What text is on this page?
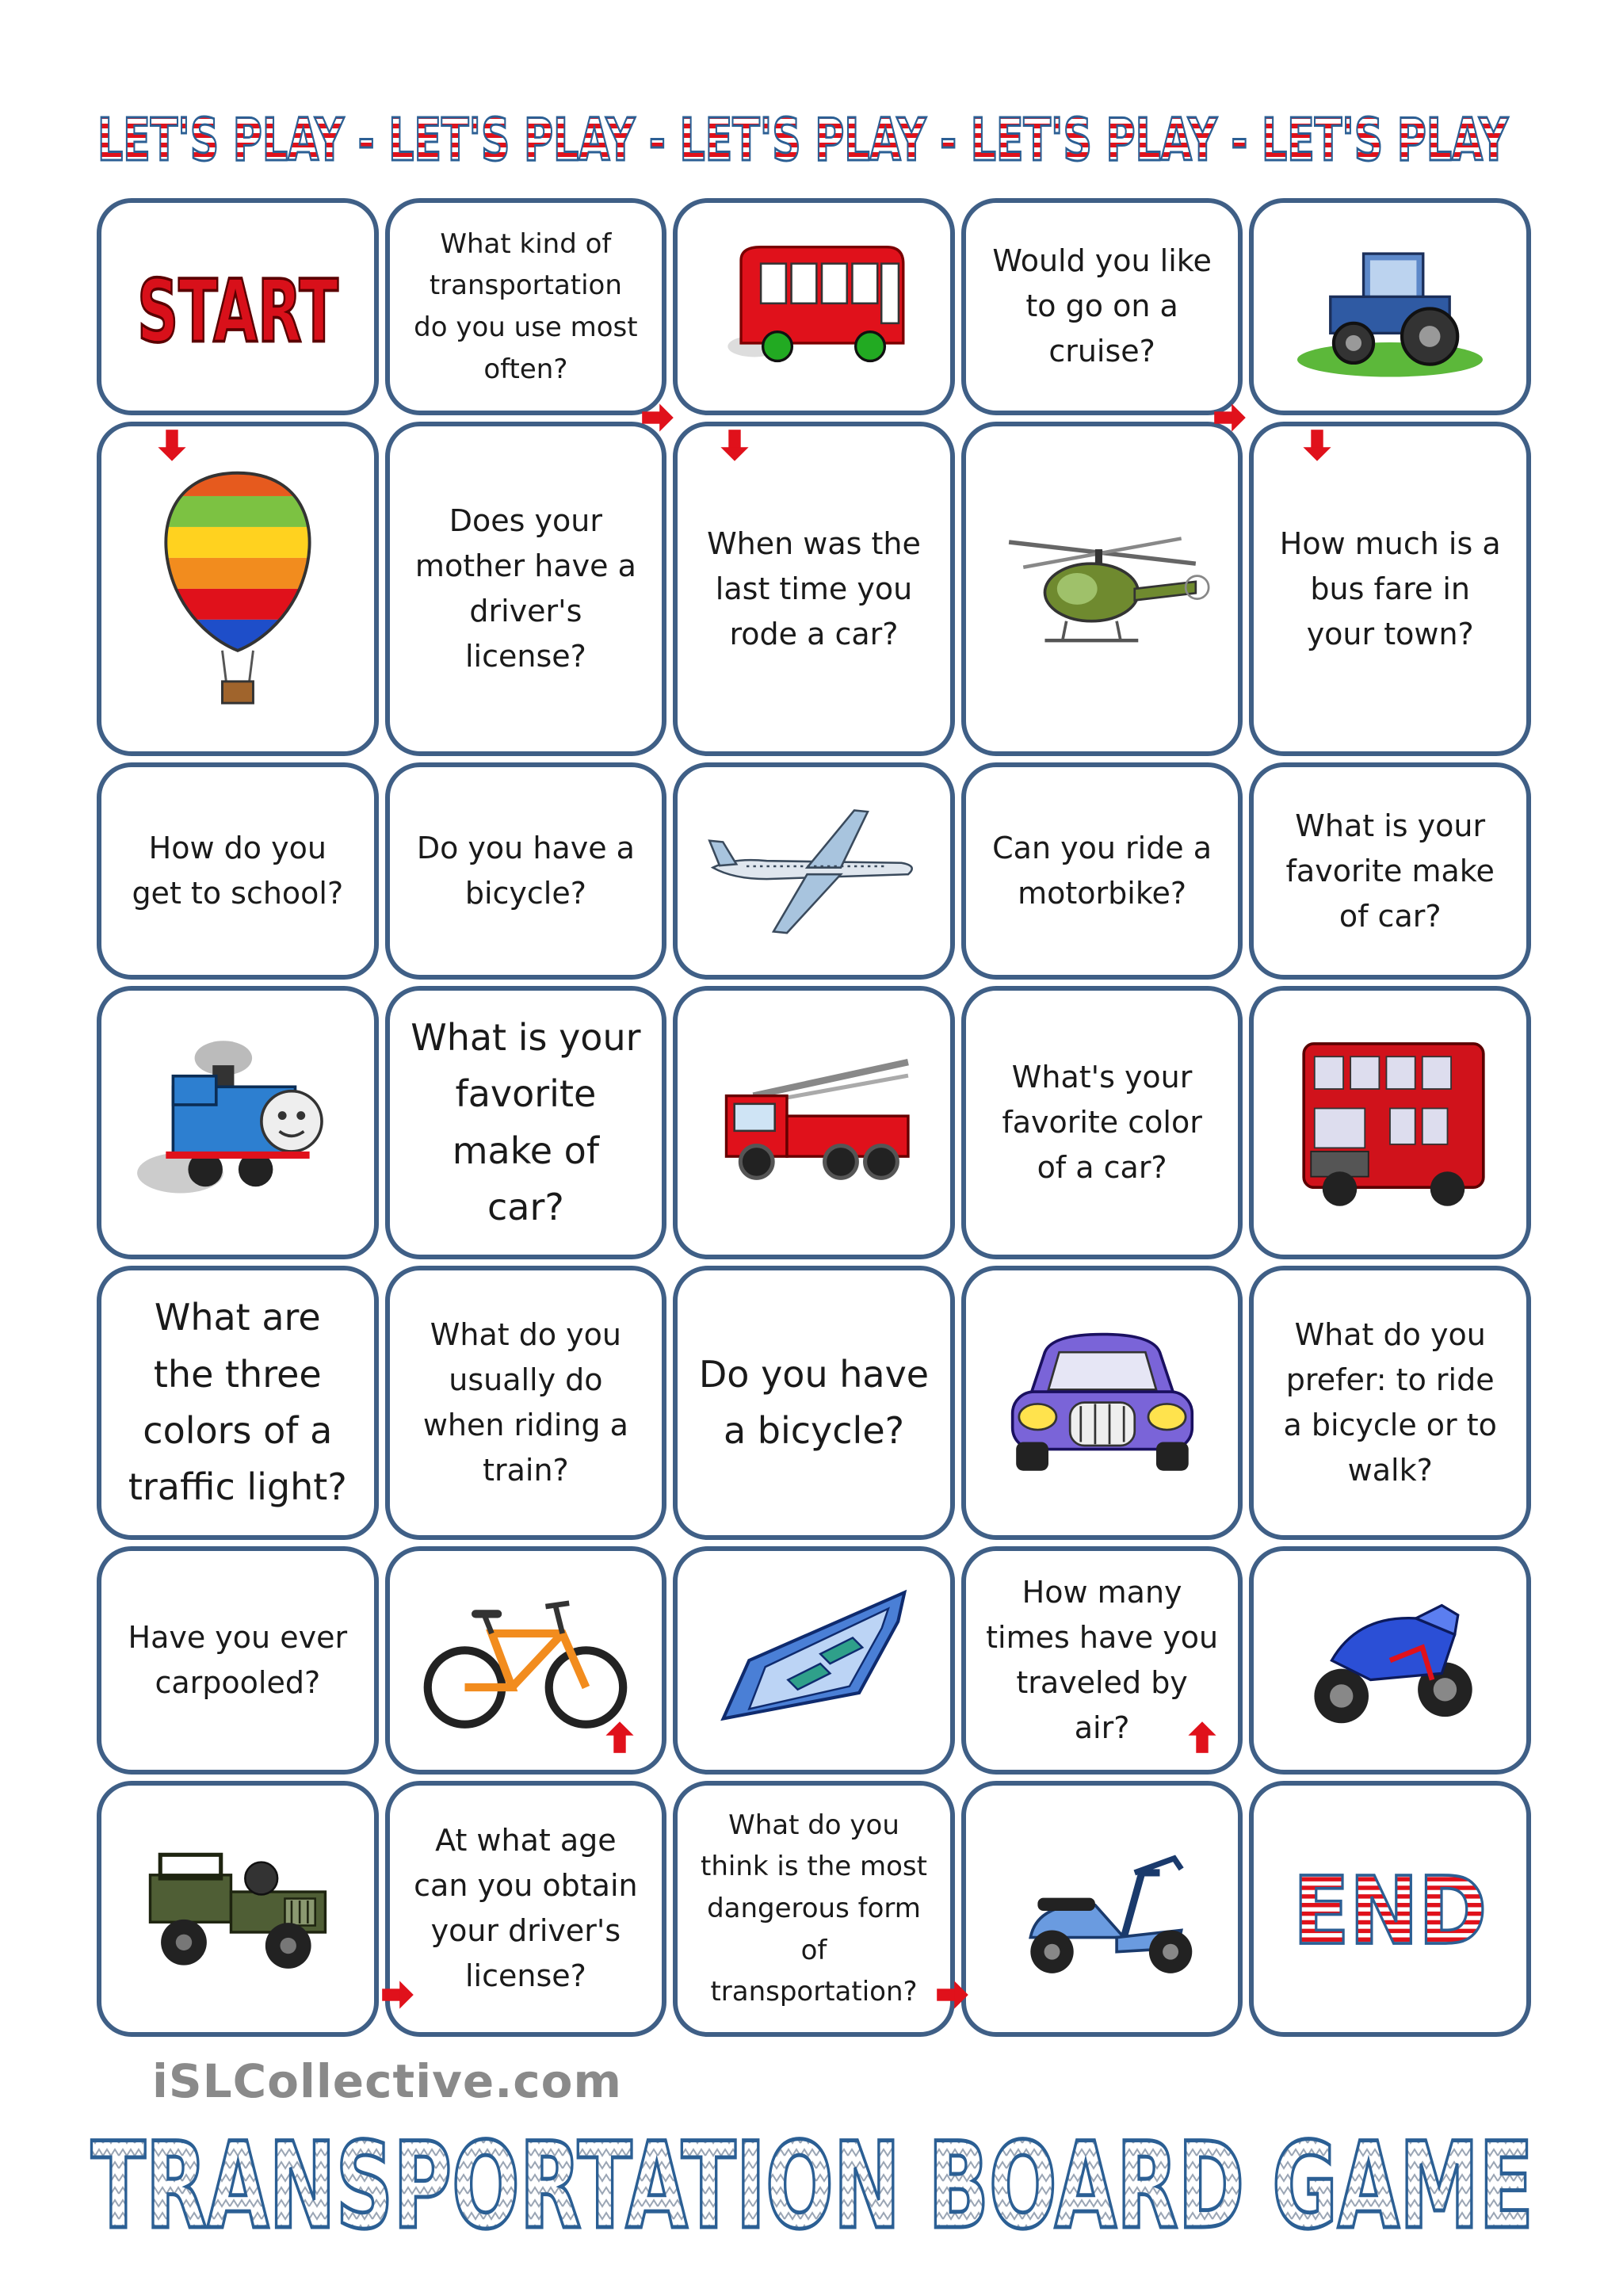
LET'S PLAY - LET'S PLAY - LET'S PLAY - LET'S PLAY - LET'S PLAY
START
What kind of transportation do you use most often?
Would you like to go on a cruise?
Does your mother have a driver's license?
When was the last time you rode a car?
How much is a bus fare in your town?
How do you get to school?
Do you have a bicycle?
Can you ride a motorbike?
What is your favorite make of car?
What is your favorite make of car?
What's your favorite color of a car?
What are the three colors of a traffic light?
What do you usually do when riding a train?
Do you have a bicycle?
What do you prefer: to ride a bicycle or to walk?
Have you ever carpooled?
How many times have you traveled by air?
At what age can you obtain your driver's license?
What do you think is the most dangerous form of transportation?
END
iSLCollective.com
TRANSPORTATION BOARD GAME
